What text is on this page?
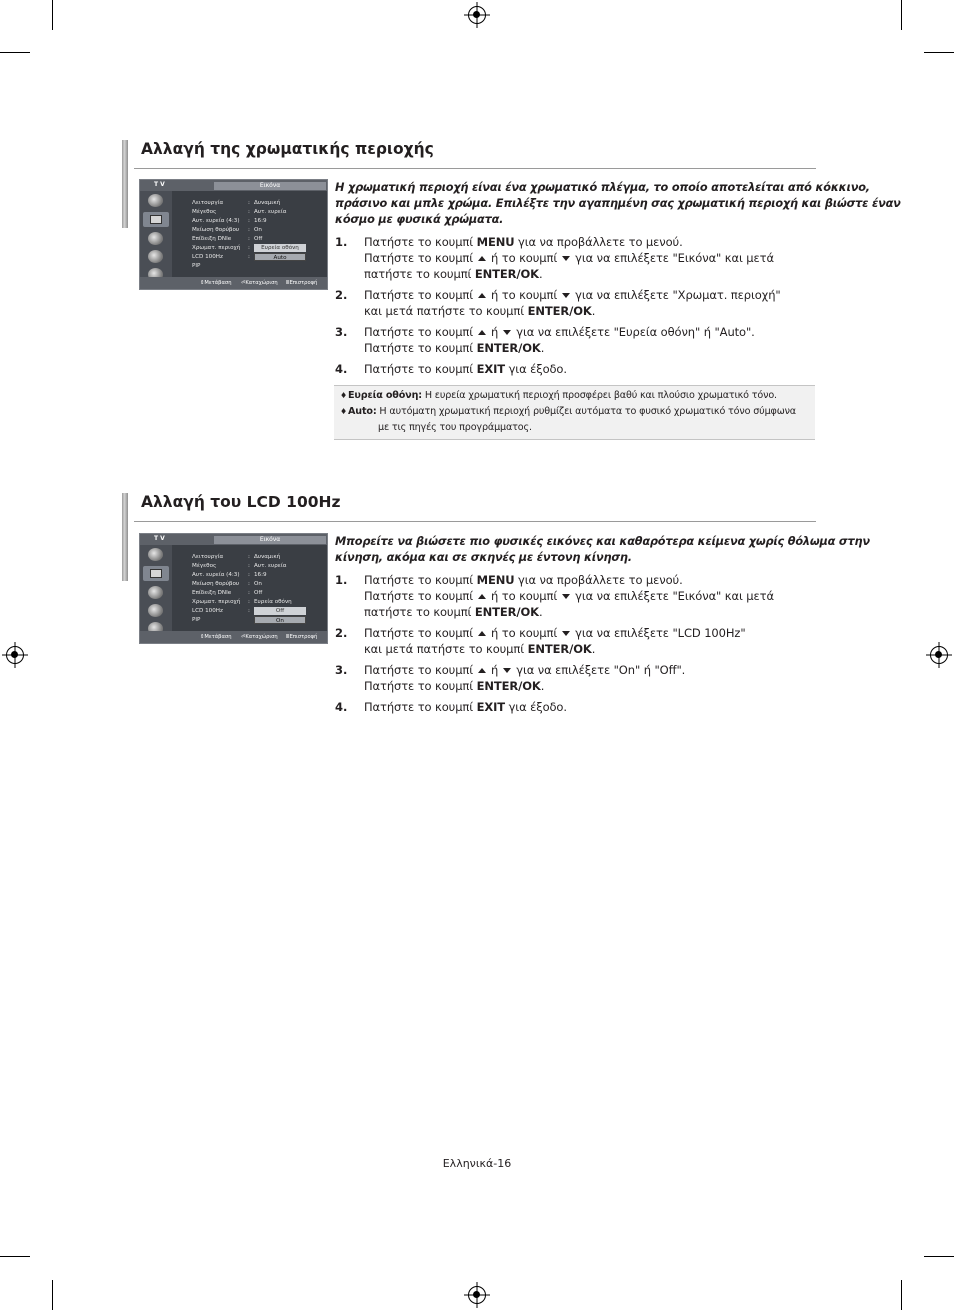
Αλλαγή της χρωματικής περιοχής
T V	Εικόνα
Λειτουργία	: Δυναμική
Μέγεθος	: Αυτ. ευρεία
Αυτ. ευρεία (4:3) : 16:9
Μείωση θορύβου : On
Επίδειξη DNIe	: Off
Χρωματ. περιοχή :	Ευρεία οθόνη
LCD 100Hz	:	Auto
PIP
⇕ Μετάβαση ⏎ Καταχώριση Ⅲ Επιστροφή
Η χρωματική περιοχή είναι ένα χρωματικό πλέγμα, το οποίο αποτελείται από κόκκινο,
πράσινο και μπλε χρώμα. Επιλέξτε την αγαπημένη σας χρωματική περιοχή και βιώστε έναν
κόσμο με φυσικά χρώματα.
1. Πατήστε το κουμπί MENU για να προβάλλετε το μενού.
Πατήστε το κουμπί ή το κουμπί για να επιλέξετε "Εικόνα" και μετά
πατήστε το κουμπί ENTER/OK.
2. Πατήστε το κουμπί ή το κουμπί για να επιλέξετε "Χρωματ. περιοχή"
και μετά πατήστε το κουμπί ENTER/OK.
3. Πατήστε το κουμπί ή για να επιλέξετε "Ευρεία οθόνη" ή "Auto".
Πατήστε το κουμπί ENTER/OK.
4. Πατήστε το κουμπί EXIT για έξοδο.
♦ Ευρεία οθόνη: Η ευρεία χρωματική περιοχή προσφέρει βαθύ και πλούσιο χρωματικό τόνο.
♦ Auto: Η αυτόματη χρωματική περιοχή ρυθμίζει αυτόματα το φυσικό χρωματικό τόνο σύμφωνα
με τις πηγές του προγράμματος.
Αλλαγή του LCD 100Hz
T V	Εικόνα
Λειτουργία	: Δυναμική
Μέγεθος	: Αυτ. ευρεία
Αυτ. ευρεία (4:3) : 16:9
Μείωση θορύβου : On
Επίδειξη DNIe	: Off
Χρωματ. περιοχή : Ευρεία οθόνη
LCD 100Hz	:	Off
PIP	On
⇕ Μετάβαση ⏎ Καταχώριση Ⅲ Επιστροφή
Μπορείτε να βιώσετε πιο φυσικές εικόνες και καθαρότερα κείμενα χωρίς θόλωμα στην
κίνηση, ακόμα και σε σκηνές με έντονη κίνηση.
1. Πατήστε το κουμπί MENU για να προβάλλετε το μενού.
Πατήστε το κουμπί ή το κουμπί για να επιλέξετε "Εικόνα" και μετά
πατήστε το κουμπί ENTER/OK.
2. Πατήστε το κουμπί ή το κουμπί για να επιλέξετε "LCD 100Hz"
και μετά πατήστε το κουμπί ENTER/OK.
3. Πατήστε το κουμπί ή για να επιλέξετε "On" ή "Off".
Πατήστε το κουμπί ENTER/OK.
4. Πατήστε το κουμπί EXIT για έξοδο.
Ελληνικά-16
